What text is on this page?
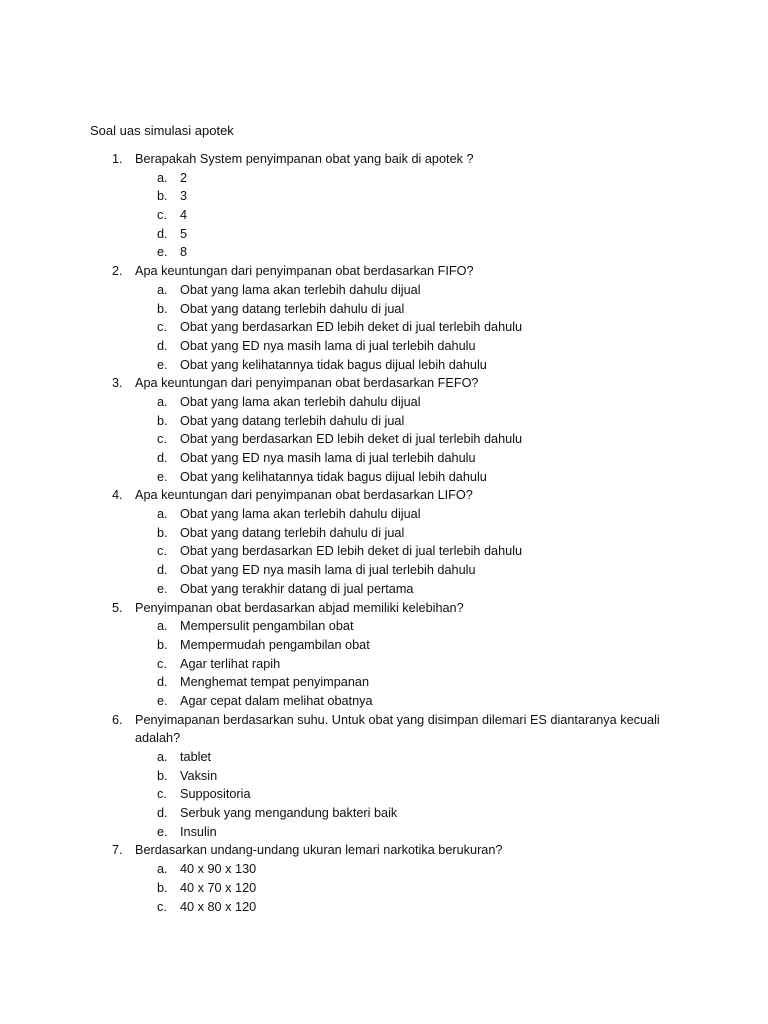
Soal uas simulasi apotek
1. Berapakah System penyimpanan obat yang baik di apotek ?
a. 2
b. 3
c. 4
d. 5
e. 8
2. Apa keuntungan dari penyimpanan obat berdasarkan FIFO?
a. Obat yang lama akan terlebih dahulu dijual
b. Obat yang datang terlebih dahulu di jual
c. Obat yang berdasarkan ED lebih deket di jual terlebih dahulu
d. Obat yang ED nya masih lama di jual terlebih dahulu
e. Obat yang kelihatannya tidak bagus dijual lebih dahulu
3. Apa keuntungan dari penyimpanan obat berdasarkan FEFO?
a. Obat yang lama akan terlebih dahulu dijual
b. Obat yang datang terlebih dahulu di jual
c. Obat yang berdasarkan ED lebih deket di jual terlebih dahulu
d. Obat yang ED nya masih lama di jual terlebih dahulu
e. Obat yang kelihatannya tidak bagus dijual lebih dahulu
4. Apa keuntungan dari penyimpanan obat berdasarkan LIFO?
a. Obat yang lama akan terlebih dahulu dijual
b. Obat yang datang terlebih dahulu di jual
c. Obat yang berdasarkan ED lebih deket di jual terlebih dahulu
d. Obat yang ED nya masih lama di jual terlebih dahulu
e. Obat yang terakhir datang di jual pertama
5. Penyimpanan obat berdasarkan abjad memiliki kelebihan?
a. Mempersulit pengambilan obat
b. Mempermudah pengambilan obat
c. Agar terlihat rapih
d. Menghemat tempat penyimpanan
e. Agar cepat dalam melihat obatnya
6. Penyimapanan berdasarkan suhu. Untuk obat yang disimpan dilemari ES diantaranya kecuali adalah?
a. tablet
b. Vaksin
c. Suppositoria
d. Serbuk yang mengandung bakteri baik
e. Insulin
7. Berdasarkan undang-undang ukuran lemari narkotika berukuran?
a. 40 x 90 x 130
b. 40 x 70 x 120
c. 40 x 80 x 120
